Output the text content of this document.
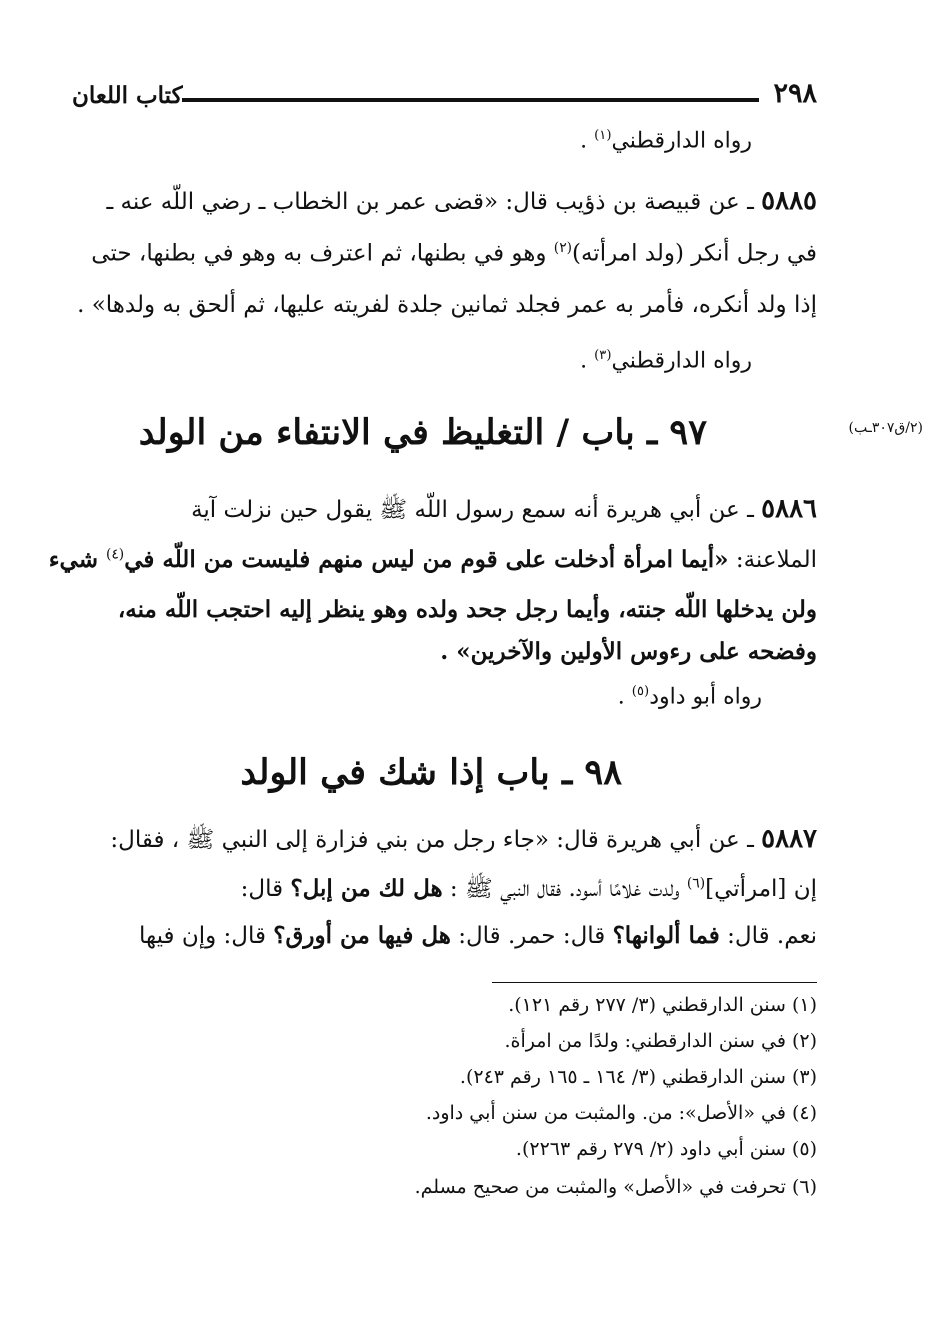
٢٩٨
كتاب اللعان
رواه الدارقطني$^{(١)}$ .
٥٨٨٥ ـ عن قبيصة بن ذؤيب قال: «قضى عمر بن الخطاب ـ رضي اللّه عنه ـ
في رجل أنكر (ولد امرأته)$^{(٢)}$ وهو في بطنها، ثم اعترف به وهو في بطنها، حتى
إذا ولد أنكره، فأمر به عمر فجلد ثمانين جلدة لفريته عليها، ثم ألحق به ولدها» .
رواه الدارقطني$^{(٣)}$ .
٩٧ ـ باب / التغليظ في الانتفاء من الولد	(٢/ق٣٠٧ـب)
٥٨٨٦ ـ عن أبي هريرة أنه سمع رسول اللّه ﷺ يقول حين نزلت آية
الملاعنة: «أيما امرأة أدخلت على قوم من ليس منهم فليست من اللّه في$^{(٤)}$ شيء
ولن يدخلها اللّه جنته، وأيما رجل جحد ولده وهو ينظر إليه احتجب اللّه منه،
وفضحه على رءوس الأولين والآخرين» .
رواه أبو داود$^{(٥)}$ .
٩٨ ـ باب إذا شك في الولد
٥٨٨٧ ـ عن أبي هريرة قال: «جاء رجل من بني فزارة إلى النبي ﷺ ، فقال:
إن [امرأتي]$^{(٦)}$ ولدت غلامًا أسود. فقال النبي ﷺ : هل لك من إبل؟ قال:
نعم. قال: فما ألوانها؟ قال: حمر. قال: هل فيها من أورق؟ قال: وإن فيها
(١) سنن الدارقطني (٣/ ٢٧٧ رقم ١٢١).
(٢) في سنن الدارقطني: ولدًا من امرأة.
(٣) سنن الدارقطني (٣/ ١٦٤ ـ ١٦٥ رقم ٢٤٣).
(٤) في «الأصل»: من. والمثبت من سنن أبي داود.
(٥) سنن أبي داود (٢/ ٢٧٩ رقم ٢٢٦٣).
(٦) تحرفت في «الأصل» والمثبت من صحيح مسلم.
